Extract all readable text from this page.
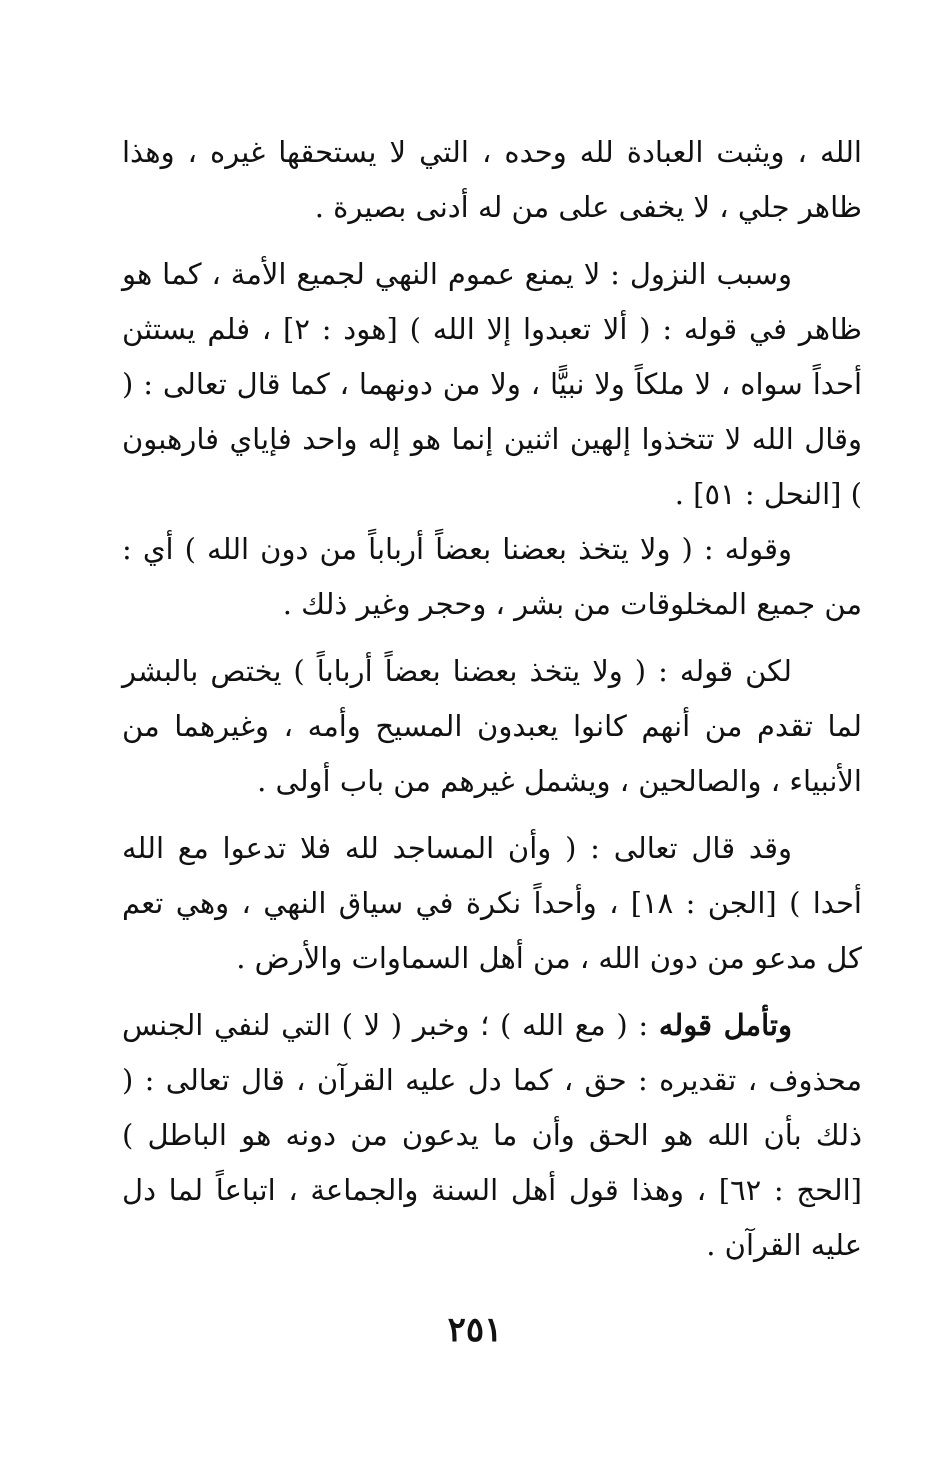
الله ، ويثبت العبادة لله وحده ، التي لا يستحقها غيره ، وهذا ظاهر جلي ، لا يخفى على من له أدنى بصيرة .

وسبب النزول : لا يمنع عموم النهي لجميع الأمة ، كما هو ظاهر في قوله : ( ألا تعبدوا إلا الله ) [هود : ٢] ، فلم يستثن أحداً سواه ، لا ملكاً ولا نبيًّا ، ولا من دونهما ، كما قال تعالى : ( وقال الله لا تتخذوا إلهين اثنين إنما هو إله واحد فإياي فارهبون ) [النحل : ٥١] .

وقوله : ( ولا يتخذ بعضنا بعضاً أرباباً من دون الله ) أي : من جميع المخلوقات من بشر ، وحجر وغير ذلك .

لكن قوله : ( ولا يتخذ بعضنا بعضاً أرباباً ) يختص بالبشر لما تقدم من أنهم كانوا يعبدون المسيح وأمه ، وغيرهما من الأنبياء ، والصالحين ، ويشمل غيرهم من باب أولى .

وقد قال تعالى : ( وأن المساجد لله فلا تدعوا مع الله أحدا ) [الجن : ١٨] ، وأحداً نكرة في سياق النهي ، وهي تعم كل مدعو من دون الله ، من أهل السماوات والأرض .

وتأمل قوله : ( مع الله ) ؛ وخبر ( لا ) التي لنفي الجنس محذوف ، تقديره : حق ، كما دل عليه القرآن ، قال تعالى : ( ذلك بأن الله هو الحق وأن ما يدعون من دونه هو الباطل ) [الحج : ٦٢] ، وهذا قول أهل السنة والجماعة ، اتباعاً لما دل عليه القرآن .

٢٥١
